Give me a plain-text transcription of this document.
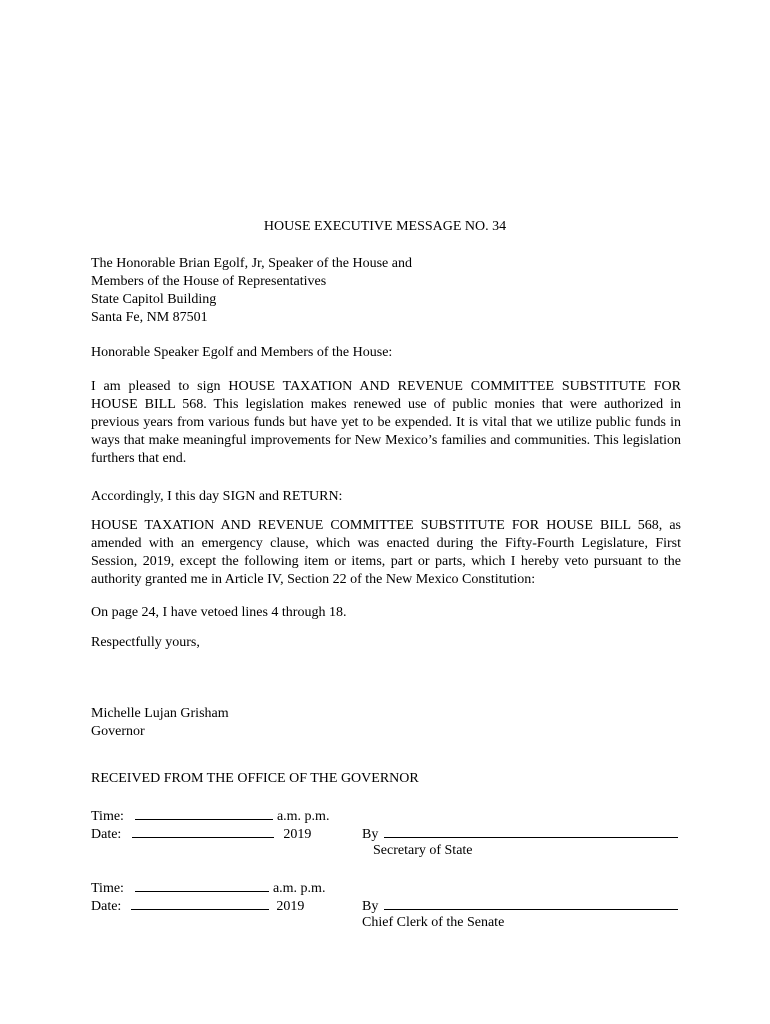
HOUSE EXECUTIVE MESSAGE NO. 34
The Honorable Brian Egolf, Jr, Speaker of the House and
Members of the House of Representatives
State Capitol Building
Santa Fe, NM 87501
Honorable Speaker Egolf and Members of the House:
I am pleased to sign HOUSE TAXATION AND REVENUE COMMITTEE SUBSTITUTE FOR HOUSE BILL 568. This legislation makes renewed use of public monies that were authorized in previous years from various funds but have yet to be expended. It is vital that we utilize public funds in ways that make meaningful improvements for New Mexico’s families and communities. This legislation furthers that end.
Accordingly, I this day SIGN and RETURN:
HOUSE TAXATION AND REVENUE COMMITTEE SUBSTITUTE FOR HOUSE BILL 568, as amended with an emergency clause, which was enacted during the Fifty-Fourth Legislature, First Session, 2019, except the following item or items, part or parts, which I hereby veto pursuant to the authority granted me in Article IV, Section 22 of the New Mexico Constitution:
On page 24, I have vetoed lines 4 through 18.
Respectfully yours,
Michelle Lujan Grisham
Governor
RECEIVED FROM THE OFFICE OF THE GOVERNOR
Time:	a.m. p.m.
Date:	2019	By
Secretary of State
Time:	a.m. p.m.
Date:	2019	By
Chief Clerk of the Senate
